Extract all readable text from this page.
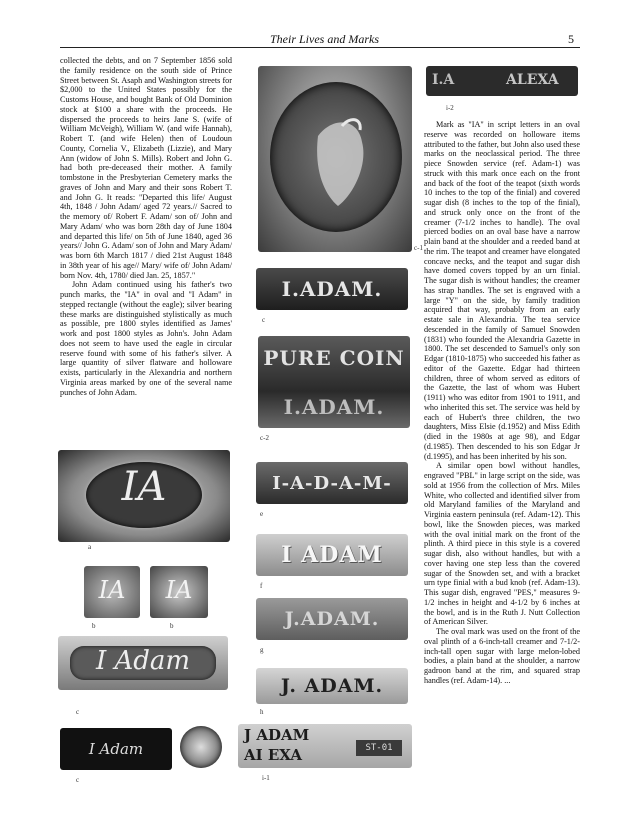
Their Lives and Marks	5

collected the debts, and on 7 September 1856 sold the family residence on the south side of Prince Street between St. Asaph and Washington streets for $2,000 to the United States possibly for the Customs House, and bought Bank of Old Dominion stock at $100 a share with the proceeds. He dispersed the proceeds to heirs Jane S. (wife of William McVeigh), William W. (and wife Hannah), Robert T. (and wife Helen) then of Loudoun County, Cornelia V., Elizabeth (Lizzie), and Mary Ann (widow of John S. Mills). Robert and John G. had both pre-deceased their mother. A family tombstone in the Presbyterian Cemetery marks the graves of John and Mary and their sons Robert T. and John G. It reads: "Departed this life/ August 4th, 1848 / John Adam/ aged 72 years.// Sacred to the memory of/ Robert F. Adam/ son of/ John and Mary Adam/ who was born 28th day of June 1804 and departed this life/ on 5th of June 1840, aged 36 years// John G. Adam/ son of John and Mary Adam/ was born 6th March 1817 / died 21st August 1848 in 38th year of his age// Mary/ wife of/ John Adam/ born Nov. 4th, 1780/ died Jan. 25, 1857."

John Adam continued using his father's two punch marks, the "IA" in oval and "I Adam" in stepped rectangle (without the eagle); silver bearing these marks are distinguished stylistically as much as possible, pre 1800 styles identified as James' work and post 1800 styles as John's. John Adam does not seem to have used the eagle in circular reserve found with some of his father's silver. A large quantity of silver flatware and holloware exists, particularly in the Alexandria and northern Virginia areas marked by one of the several name punches of John Adam.

IA
a
IA
b
IA
b
I Adam
c
I Adam
c
c-1
I.ADAM.
c
PURE COIN
I.ADAM.
c-2
I-A-D-A-M-
e
I ADAM
f
J.ADAM.
g
J. ADAM.
h
J ADAM
AI EXA	ST-01
i-1
I.A	ALEXA
i-2

Mark as "IA" in script letters in an oval reserve was recorded on holloware items attributed to the father, but John also used these marks on the neoclassical period. The three piece Snowden service (ref. Adam-1) was struck with this mark once each on the front and back of the foot of the teapot (sixth words 10 inches to the top of the finial) and covered sugar dish (8 inches to the top of the finial), and struck only once on the front of the creamer (7-1/2 inches to handle). The oval pierced bodies on an oval base have a narrow plain band at the shoulder and a reeded band at the rim. The teapot and creamer have elongated concave necks, and the teapot and sugar dish have domed covers topped by an urn finial. The sugar dish is without handles; the creamer has strap handles. The set is engraved with a large "Y" on the side, by family tradition acquired that way, probably from an early estate sale in Alexandria. The tea service descended in the family of Samuel Snowden (1831) who founded the Alexandria Gazette in 1800. The set descended to Samuel's only son Edgar (1810-1875) who succeeded his father as editor of the Gazette. Edgar had thirteen children, three of whom served as editors of the Gazette, the last of whom was Hubert (1911) who was editor from 1901 to 1911, and who inherited this set. The service was held by each of Hubert's three children, the two daughters, Miss Elsie (d.1952) and Miss Edith (died in the 1980s at age 98), and Edgar (d.1985). Then descended to his son Edgar Jr (d.1995), and has been inherited by his son.

A similar open bowl without handles, engraved "PBL" in large script on the side, was sold at 1956 from the collection of Mrs. Miles White, who collected and identified silver from old Maryland families of the Maryland and Virginia eastern peninsula (ref. Adam-12). This bowl, like the Snowden pieces, was marked with the oval initial mark on the front of the plinth. A third piece in this style is a covered sugar dish, also without handles, but with a cover having one step less than the covered sugar of the Snowden set, and with a bracket urn type finial with a bud knob (ref. Adam-13). This sugar dish, engraved "PES," measures 9-1/2 inches in height and 4-1/2 by 6 inches at the bowl, and is in the Ruth J. Nutt Collection of American Silver.

The oval mark was used on the front of the oval plinth of a 6-inch-tall creamer and 7-1/2-inch-tall open sugar with large melon-lobed bodies, a plain band at the shoulder, a narrow gadroon band at the rim, and squared strap handles (ref. Adam-14). ...
